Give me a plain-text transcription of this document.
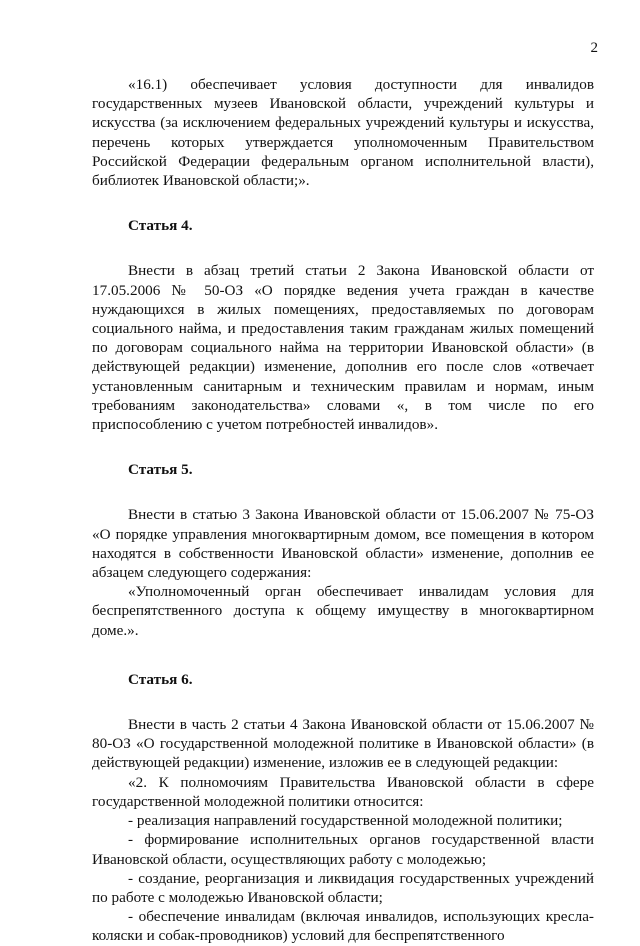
2

«16.1) обеспечивает условия доступности для инвалидов государственных музеев Ивановской области, учреждений культуры и искусства (за исключением федеральных учреждений культуры и искусства, перечень которых утверждается уполномоченным Правительством Российской Федерации федеральным органом исполнительной власти), библиотек Ивановской области;».

Статья 4.

Внести в абзац третий статьи 2 Закона Ивановской области от 17.05.2006 № 50-ОЗ «О порядке ведения учета граждан в качестве нуждающихся в жилых помещениях, предоставляемых по договорам социального найма, и предоставления таким гражданам жилых помещений по договорам социального найма на территории Ивановской области» (в действующей редакции) изменение, дополнив его после слов «отвечает установленным санитарным и техническим правилам и нормам, иным требованиям законодательства» словами «, в том числе по его приспособлению с учетом потребностей инвалидов».

Статья 5.

Внести в статью 3 Закона Ивановской области от 15.06.2007 № 75-ОЗ «О порядке управления многоквартирным домом, все помещения в котором находятся в собственности Ивановской области» изменение, дополнив ее абзацем следующего содержания:

«Уполномоченный орган обеспечивает инвалидам условия для беспрепятственного доступа к общему имуществу в многоквартирном доме.».

Статья 6.

Внести в часть 2 статьи 4 Закона Ивановской области от 15.06.2007 № 80-ОЗ «О государственной молодежной политике в Ивановской области» (в действующей редакции) изменение, изложив ее в следующей редакции:

«2. К полномочиям Правительства Ивановской области в сфере государственной молодежной политики относится:

- реализация направлений государственной молодежной политики;

- формирование исполнительных органов государственной власти Ивановской области, осуществляющих работу с молодежью;

- создание, реорганизация и ликвидация государственных учреждений по работе с молодежью Ивановской области;

- обеспечение инвалидам (включая инвалидов, использующих кресла-коляски и собак-проводников) условий для беспрепятственного
